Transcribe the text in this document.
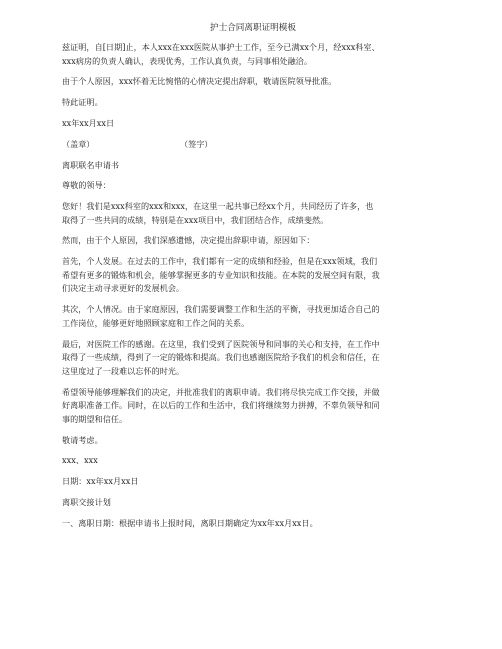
护士合同离职证明模板
兹证明，自[日期]止，本人xxx在xxx医院从事护士工作，至今已满xx个月，经xxx科室、
xxx病房的负责人确认，表现优秀，工作认真负责，与同事相处融洽。
由于个人原因，xxx怀着无比惋惜的心情决定提出辞职，敬请医院领导批准。
特此证明。
xx年xx月xx日
（盖章）	（签字）
离职联名申请书
尊敬的领导：
您好！我们是xxx科室的xxx和xxx，在这里一起共事已经xx个月，共同经历了许多，也
取得了一些共同的成绩，特别是在xxx项目中，我们团结合作，成绩斐然。
然而，由于个人原因，我们深感遗憾，决定提出辞职申请，原因如下：
首先，个人发展。在过去的工作中，我们都有一定的成绩和经验，但是在xxx领域，我们
希望有更多的锻炼和机会，能够掌握更多的专业知识和技能。在本院的发展空间有限，我
们决定主动寻求更好的发展机会。
其次，个人情况。由于家庭原因，我们需要调整工作和生活的平衡，寻找更加适合自己的
工作岗位，能够更好地照顾家庭和工作之间的关系。
最后，对医院工作的感谢。在这里，我们受到了医院领导和同事的关心和支持，在工作中
取得了一些成绩，得到了一定的锻炼和提高。我们也感谢医院给予我们的机会和信任，在
这里度过了一段难以忘怀的时光。
希望领导能够理解我们的决定，并批准我们的离职申请。我们将尽快完成工作交接，并做
好离职准备工作。同时，在以后的工作和生活中，我们将继续努力拼搏，不辜负领导和同
事的期望和信任。
敬请考虑。
xxx、xxx
日期：xx年xx月xx日
离职交接计划
一、离职日期：根据申请书上报时间，离职日期确定为xx年xx月xx日。
